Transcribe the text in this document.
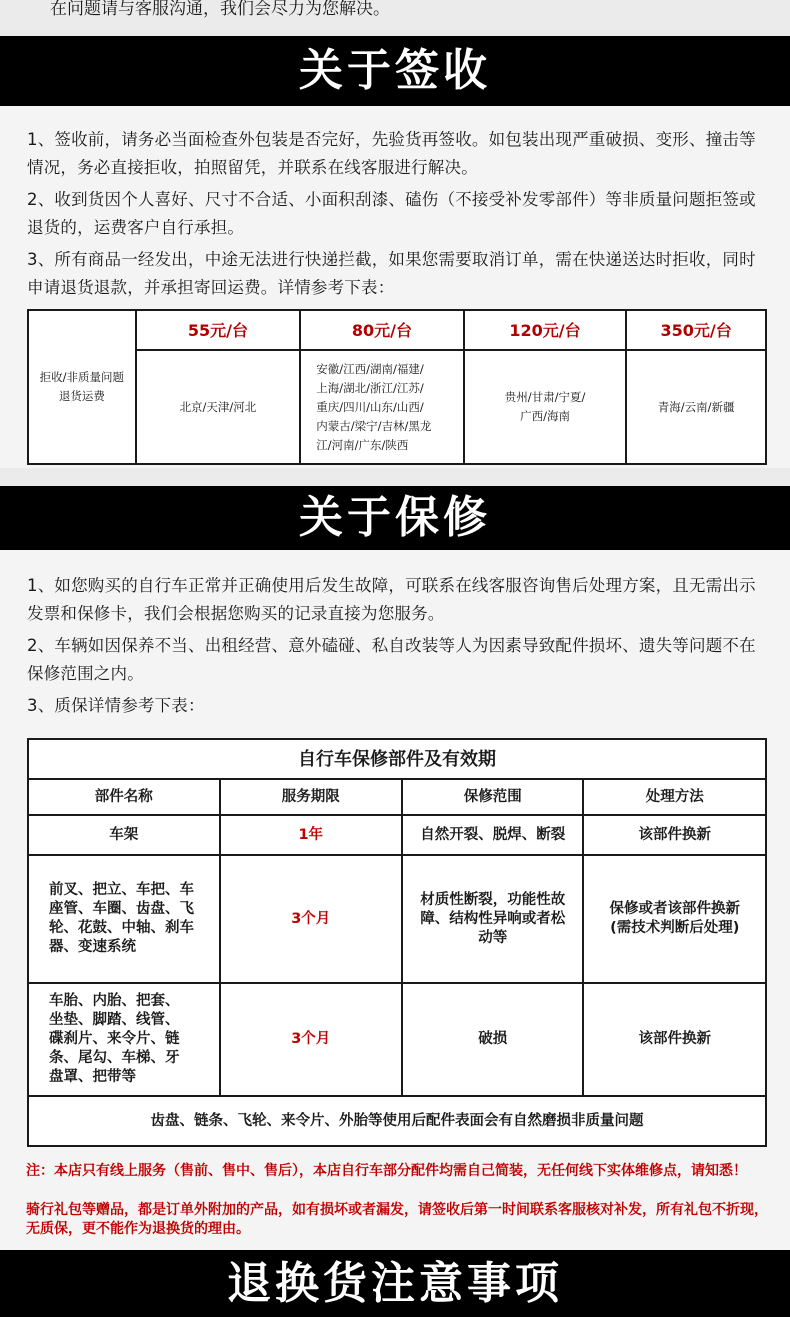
在问题请与客服沟通，我们会尽力为您解决。
关于签收
1、签收前，请务必当面检查外包装是否完好，先验货再签收。如包装出现严重破损、变形、撞击等情况，务必直接拒收，拍照留凭，并联系在线客服进行解决。
2、收到货因个人喜好、尺寸不合适、小面积刮漆、磕伤（不接受补发零部件）等非质量问题拒签或退货的，运费客户自行承担。
3、所有商品一经发出，中途无法进行快递拦截，如果您需要取消订单，需在快递送达时拒收，同时申请退货退款，并承担寄回运费。详情参考下表：
拒收/非质量问题
退货运费	55元/台	80元/台	120元/台	350元/台
	北京/天津/河北	安徽/江西/湖南/福建/
上海/湖北/浙江/江苏/
重庆/四川/山东/山西/
内蒙古/梁宁/吉林/黑龙
江/河南/广东/陕西	贵州/甘肃/宁夏/
广西/海南	青海/云南/新疆
关于保修
1、如您购买的自行车正常并正确使用后发生故障，可联系在线客服咨询售后处理方案，且无需出示发票和保修卡，我们会根据您购买的记录直接为您服务。
2、车辆如因保养不当、出租经营、意外磕碰、私自改装等人为因素导致配件损坏、遗失等问题不在保修范围之内。
3、质保详情参考下表：
自行车保修部件及有效期			
部件名称	服务期限	保修范围	处理方法
车架	1年	自然开裂、脱焊、断裂	该部件换新
前叉、把立、车把、车
座管、车圈、齿盘、飞
轮、花鼓、中轴、刹车
器、变速系统	3个月	材质性断裂，功能性故
障、结构性异响或者松
动等	保修或者该部件换新
(需技术判断后处理)
车胎、内胎、把套、
坐垫、脚踏、线管、
碟刹片、来令片、链
条、尾勾、车梯、牙
盘罩、把带等	3个月	破损	该部件换新
齿盘、链条、飞轮、来令片、外胎等使用后配件表面会有自然磨损非质量问题			
注：本店只有线上服务（售前、售中、售后），本店自行车部分配件均需自己简装，无任何线下实体维修点，请知悉！
骑行礼包等赠品，都是订单外附加的产品，如有损坏或者漏发，请签收后第一时间联系客服核对补发，所有礼包不折现，无质保，更不能作为退换货的理由。
退换货注意事项
